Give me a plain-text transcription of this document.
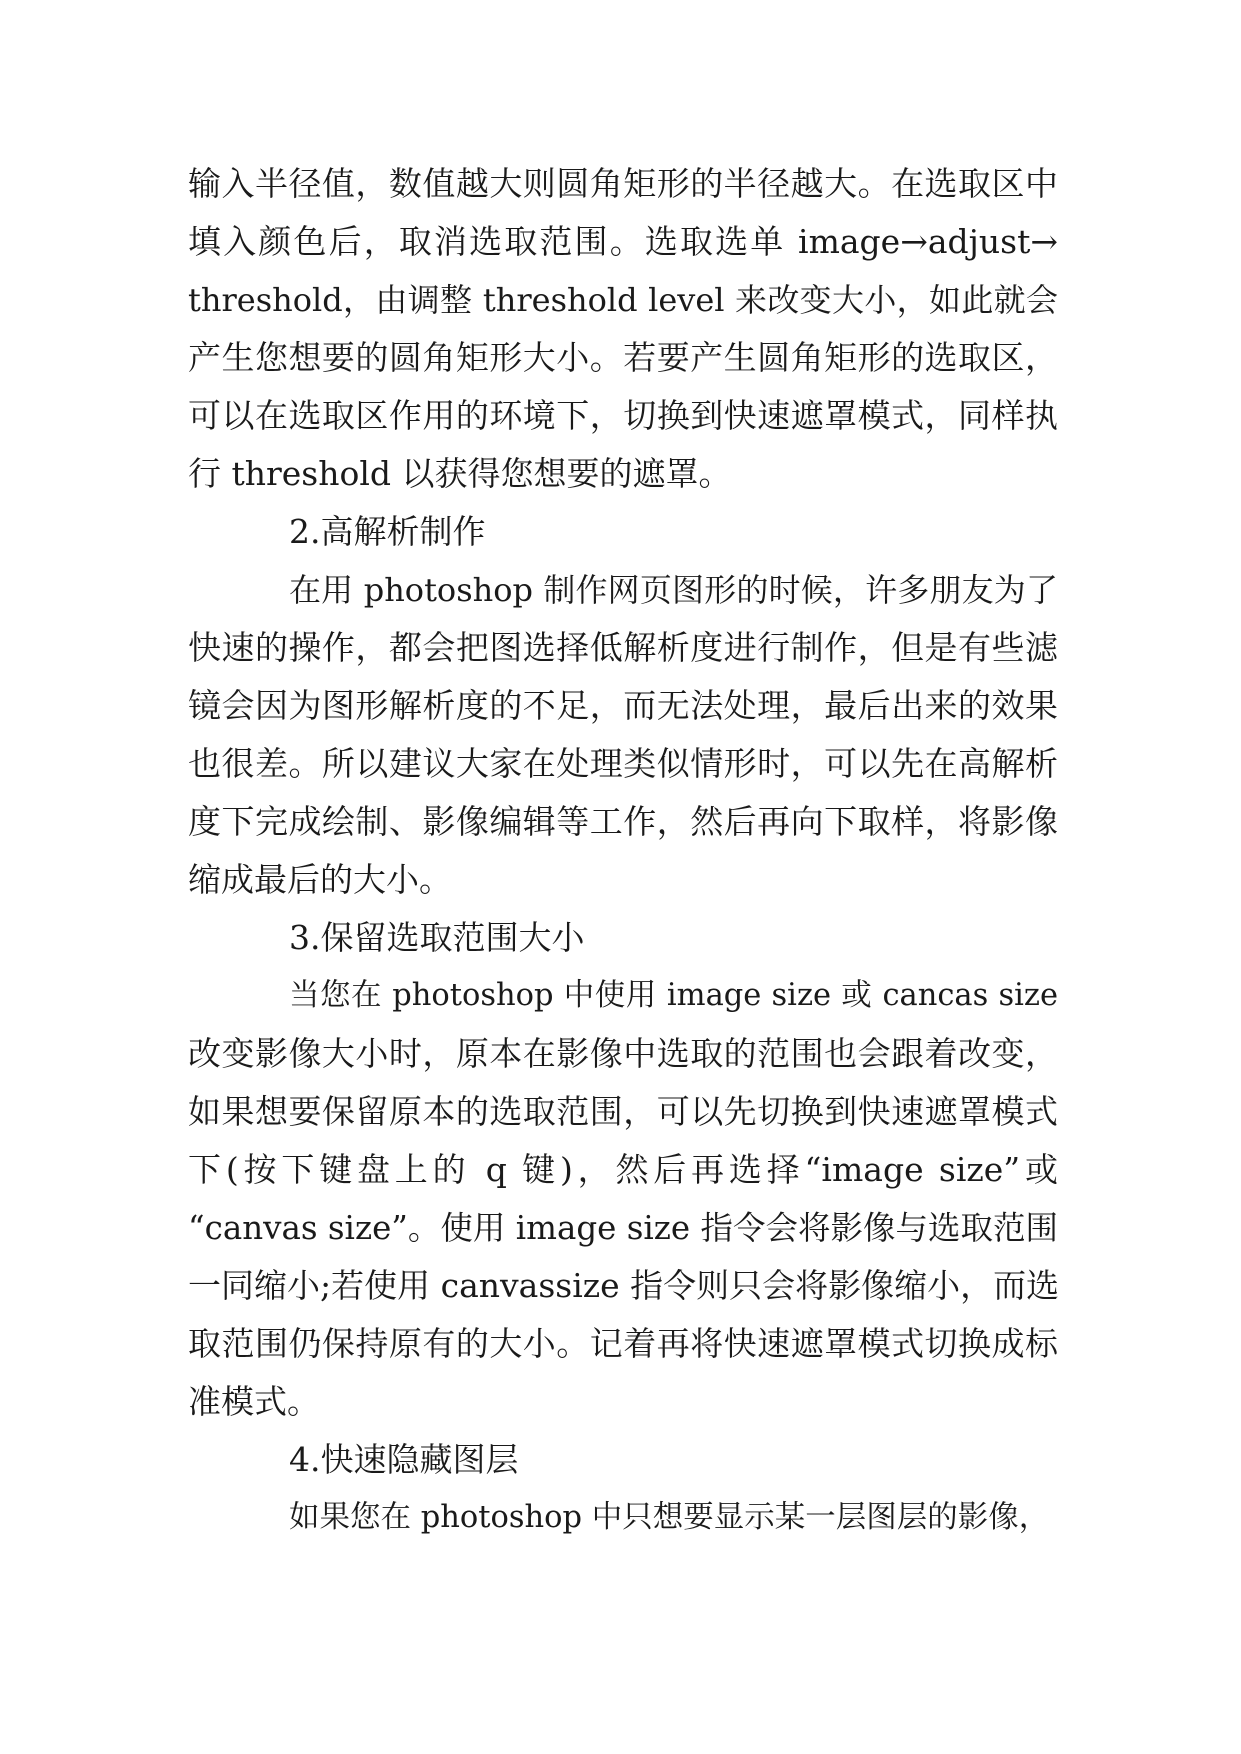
输入半径值，数值越大则圆角矩形的半径越大。在选取区中
填入颜色后，取消选取范围。选取选单 image→adjust→
threshold，由调整 threshold level 来改变大小，如此就会
产生您想要的圆角矩形大小。若要产生圆角矩形的选取区，
可以在选取区作用的环境下，切换到快速遮罩模式，同样执
行 threshold 以获得您想要的遮罩。
2.高解析制作
在用 photoshop 制作网页图形的时候，许多朋友为了
快速的操作，都会把图选择低解析度进行制作，但是有些滤
镜会因为图形解析度的不足，而无法处理，最后出来的效果
也很差。所以建议大家在处理类似情形时，可以先在高解析
度下完成绘制、影像编辑等工作，然后再向下取样，将影像
缩成最后的大小。
3.保留选取范围大小
当您在 photoshop 中使用 image size 或 cancas size
改变影像大小时，原本在影像中选取的范围也会跟着改变，
如果想要保留原本的选取范围，可以先切换到快速遮罩模式
下(按下键盘上的 q 键)，然后再选择“image size”或
“canvas size”。使用 image size 指令会将影像与选取范围
一同缩小;若使用 canvassize 指令则只会将影像缩小，而选
取范围仍保持原有的大小。记着再将快速遮罩模式切换成标
准模式。
4.快速隐藏图层
如果您在 photoshop 中只想要显示某一层图层的影像，
